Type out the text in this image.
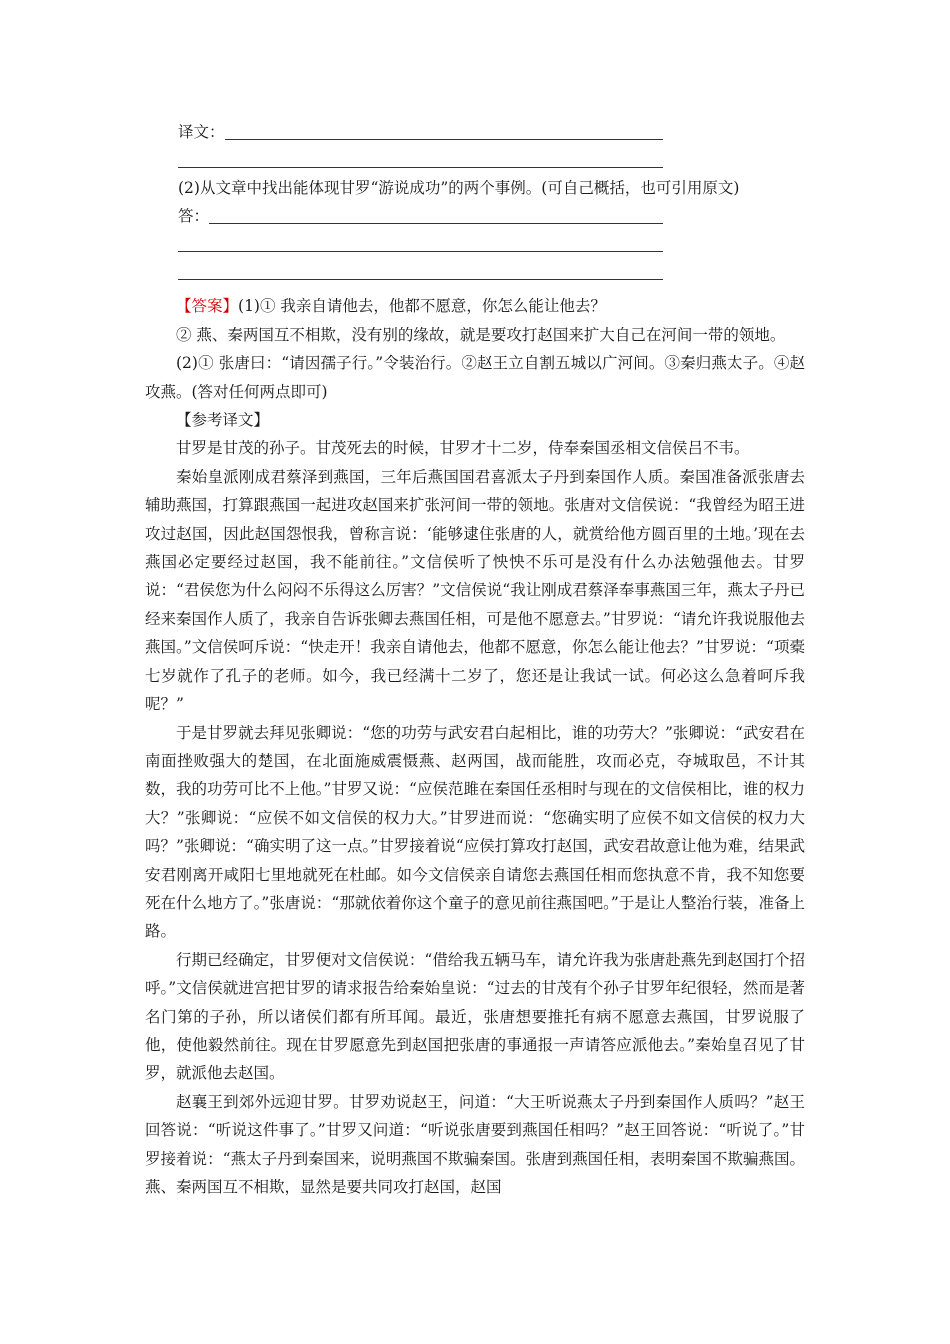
译文：

(2)从文章中找出能体现甘罗“游说成功”的两个事例。(可自己概括，也可引用原文)

答：

【答案】(1)① 我亲自请他去，他都不愿意，你怎么能让他去？

② 燕、秦两国互不相欺，没有别的缘故，就是要攻打赵国来扩大自己在河间一带的领地。

(2)① 张唐曰：“请因孺子行。”令装治行。②赵王立自割五城以广河间。③秦归燕太子。④赵攻燕。(答对任何两点即可)

【参考译文】

甘罗是甘茂的孙子。甘茂死去的时候，甘罗才十二岁，侍奉秦国丞相文信侯吕不韦。

秦始皇派刚成君蔡泽到燕国，三年后燕国国君喜派太子丹到秦国作人质。秦国准备派张唐去辅助燕国，打算跟燕国一起进攻赵国来扩张河间一带的领地。张唐对文信侯说：“我曾经为昭王进攻过赵国，因此赵国怨恨我，曾称言说：‘能够逮住张唐的人，就赏给他方圆百里的土地。’现在去燕国必定要经过赵国，我不能前往。”文信侯听了怏怏不乐可是没有什么办法勉强他去。甘罗说：“君侯您为什么闷闷不乐得这么厉害？”文信侯说“我让刚成君蔡泽奉事燕国三年，燕太子丹已经来秦国作人质了，我亲自告诉张卿去燕国任相，可是他不愿意去。”甘罗说：“请允许我说服他去燕国。”文信侯呵斥说：“快走开！我亲自请他去，他都不愿意，你怎么能让他去？”甘罗说：“项橐七岁就作了孔子的老师。如今，我已经满十二岁了，您还是让我试一试。何必这么急着呵斥我呢？”

于是甘罗就去拜见张卿说：“您的功劳与武安君白起相比，谁的功劳大？”张卿说：“武安君在南面挫败强大的楚国，在北面施威震慑燕、赵两国，战而能胜，攻而必克，夺城取邑，不计其数，我的功劳可比不上他。”甘罗又说：“应侯范雎在秦国任丞相时与现在的文信侯相比，谁的权力大？”张卿说：“应侯不如文信侯的权力大。”甘罗进而说：“您确实明了应侯不如文信侯的权力大吗？”张卿说：“确实明了这一点。”甘罗接着说“应侯打算攻打赵国，武安君故意让他为难，结果武安君刚离开咸阳七里地就死在杜邮。如今文信侯亲自请您去燕国任相而您执意不肯，我不知您要死在什么地方了。”张唐说：“那就依着你这个童子的意见前往燕国吧。”于是让人整治行装，准备上路。

行期已经确定，甘罗便对文信侯说：“借给我五辆马车，请允许我为张唐赴燕先到赵国打个招呼。”文信侯就进宫把甘罗的请求报告给秦始皇说：“过去的甘茂有个孙子甘罗年纪很轻，然而是著名门第的子孙，所以诸侯们都有所耳闻。最近，张唐想要推托有病不愿意去燕国，甘罗说服了他，使他毅然前往。现在甘罗愿意先到赵国把张唐的事通报一声请答应派他去。”秦始皇召见了甘罗，就派他去赵国。

赵襄王到郊外远迎甘罗。甘罗劝说赵王，问道：“大王听说燕太子丹到秦国作人质吗？”赵王回答说：“听说这件事了。”甘罗又问道：“听说张唐要到燕国任相吗？”赵王回答说：“听说了。”甘罗接着说：“燕太子丹到秦国来，说明燕国不欺骗秦国。张唐到燕国任相，表明秦国不欺骗燕国。燕、秦两国互不相欺，显然是要共同攻打赵国，赵国
